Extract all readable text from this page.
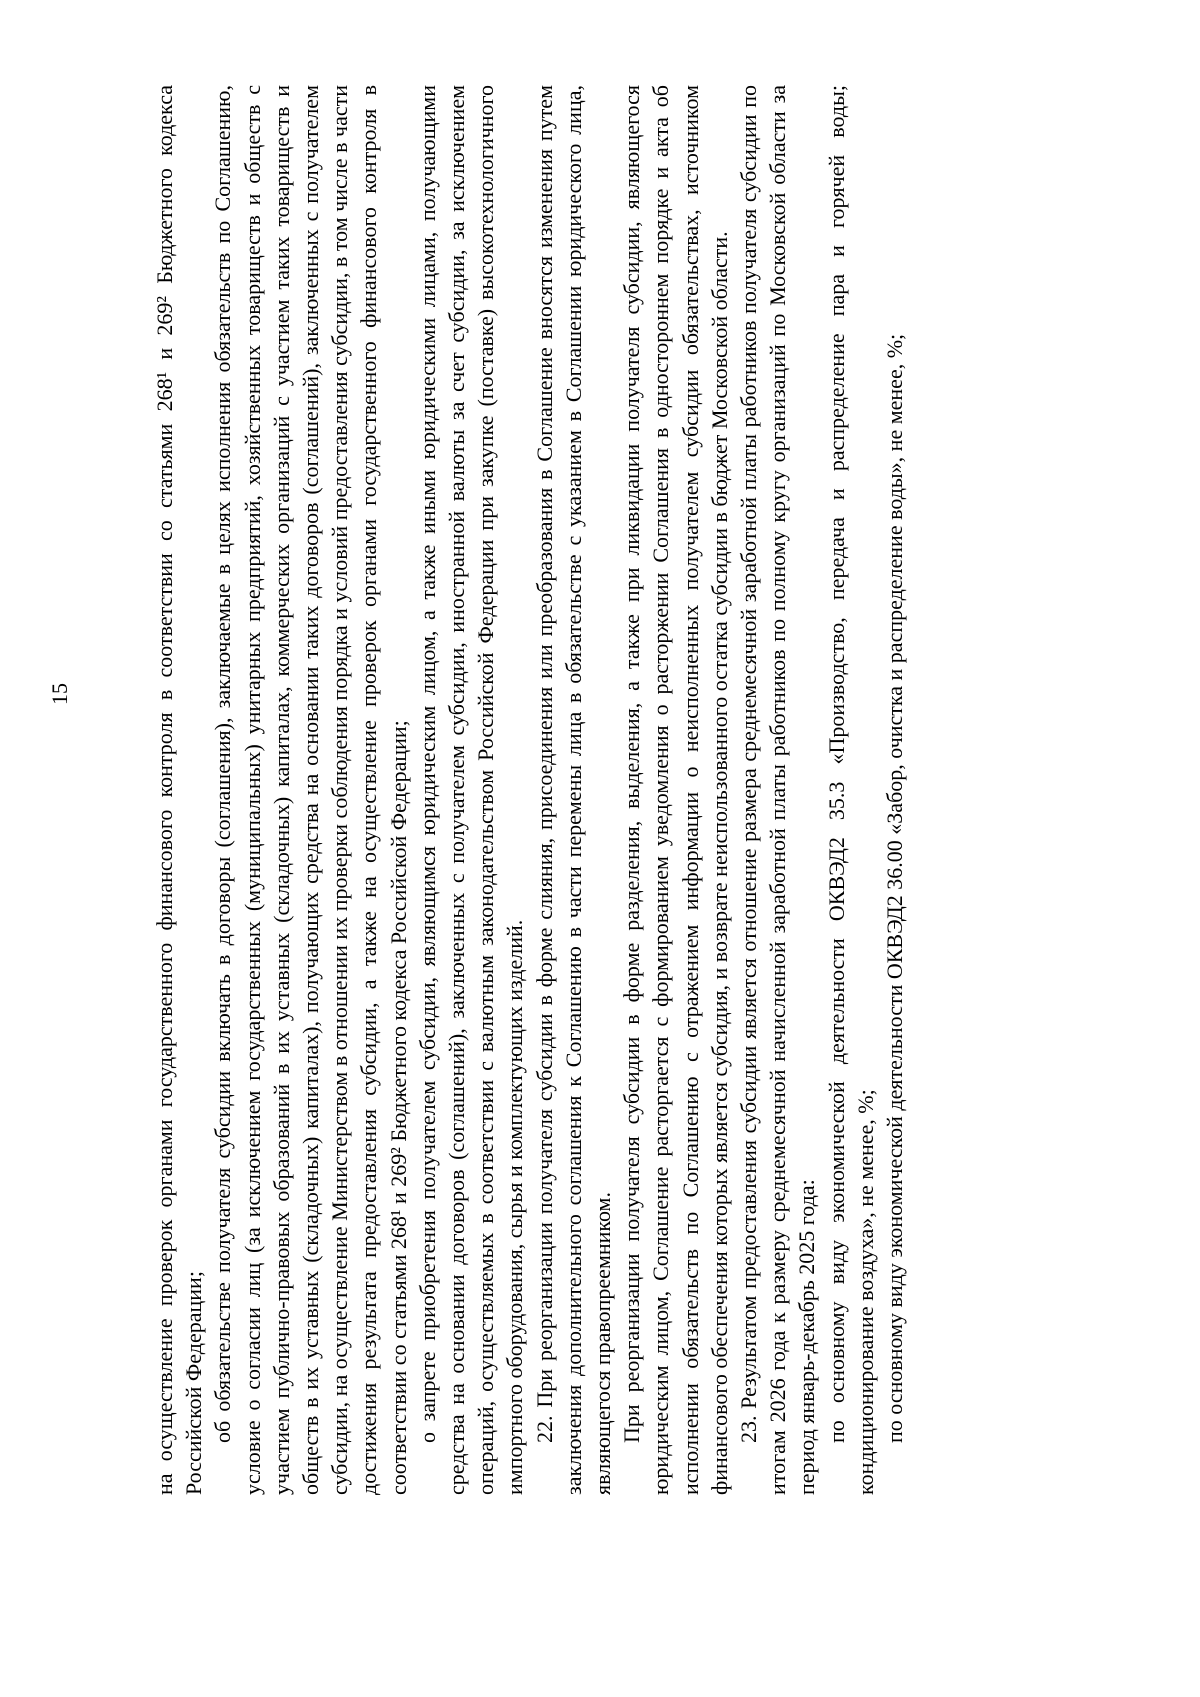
15	на осуществление проверок органами государственного финансового контроля в соответствии со статьями 268¹ и 269² Бюджетного кодекса Российской Федерации; об обязательстве получателя субсидии включать в договоры (соглашения), заключаемые в целях исполнения обязательств по Соглашению, условие о согласии лиц (за исключением государственных (муниципальных) унитарных предприятий, хозяйственных товариществ и обществ с участием публично-правовых образований в их уставных (складочных) капиталах, коммерческих организаций с участием таких товариществ и обществ в их уставных (складочных) капиталах), получающих средства на основании таких договоров (соглашений), заключенных с получателем субсидии, на осуществление Министерством в отношении их проверки соблюдения порядка и условий предоставления субсидии, в том числе в части достижения результата предоставления субсидии, а также на осуществление проверок органами государственного финансового контроля в соответствии со статьями 268¹ и 269² Бюджетного кодекса Российской Федерации; о запрете приобретения получателем субсидии, являющимся юридическим лицом, а также иными юридическими лицами, получающими средства на основании договоров (соглашений), заключенных с получателем субсидии, иностранной валюты за счет субсидии, за исключением операций, осуществляемых в соответствии с валютным законодательством Российской Федерации при закупке (поставке) высокотехнологичного импортного оборудования, сырья и комплектующих изделий. 22. При реорганизации получателя субсидии в форме слияния, присоединения или преобразования в Соглашение вносятся изменения путем заключения дополнительного соглашения к Соглашению в части перемены лица в обязательстве с указанием в Соглашении юридического лица, являющегося правопреемником. При реорганизации получателя субсидии в форме разделения, выделения, а также при ликвидации получателя субсидии, являющегося юридическим лицом, Соглашение расторгается с формированием уведомления о расторжении Соглашения в одностороннем порядке и акта об исполнении обязательств по Соглашению с отражением информации о неисполненных получателем субсидии обязательствах, источником финансового обеспечения которых является субсидия, и возврате неиспользованного остатка субсидии в бюджет Московской области. 23. Результатом предоставления субсидии является отношение размера среднемесячной заработной платы работников получателя субсидии по итогам 2026 года к размеру среднемесячной начисленной заработной платы работников по полному кругу организаций по Московской области за период январь-декабрь 2025 года: по основному виду экономической деятельности ОКВЭД2 35.3 «Производство, передача и распределение пара и горячей воды; кондиционирование воздуха», не менее, %; по основному виду экономической деятельности ОКВЭД2 36.00 «Забор, очистка и распределение воды», не менее, %;
